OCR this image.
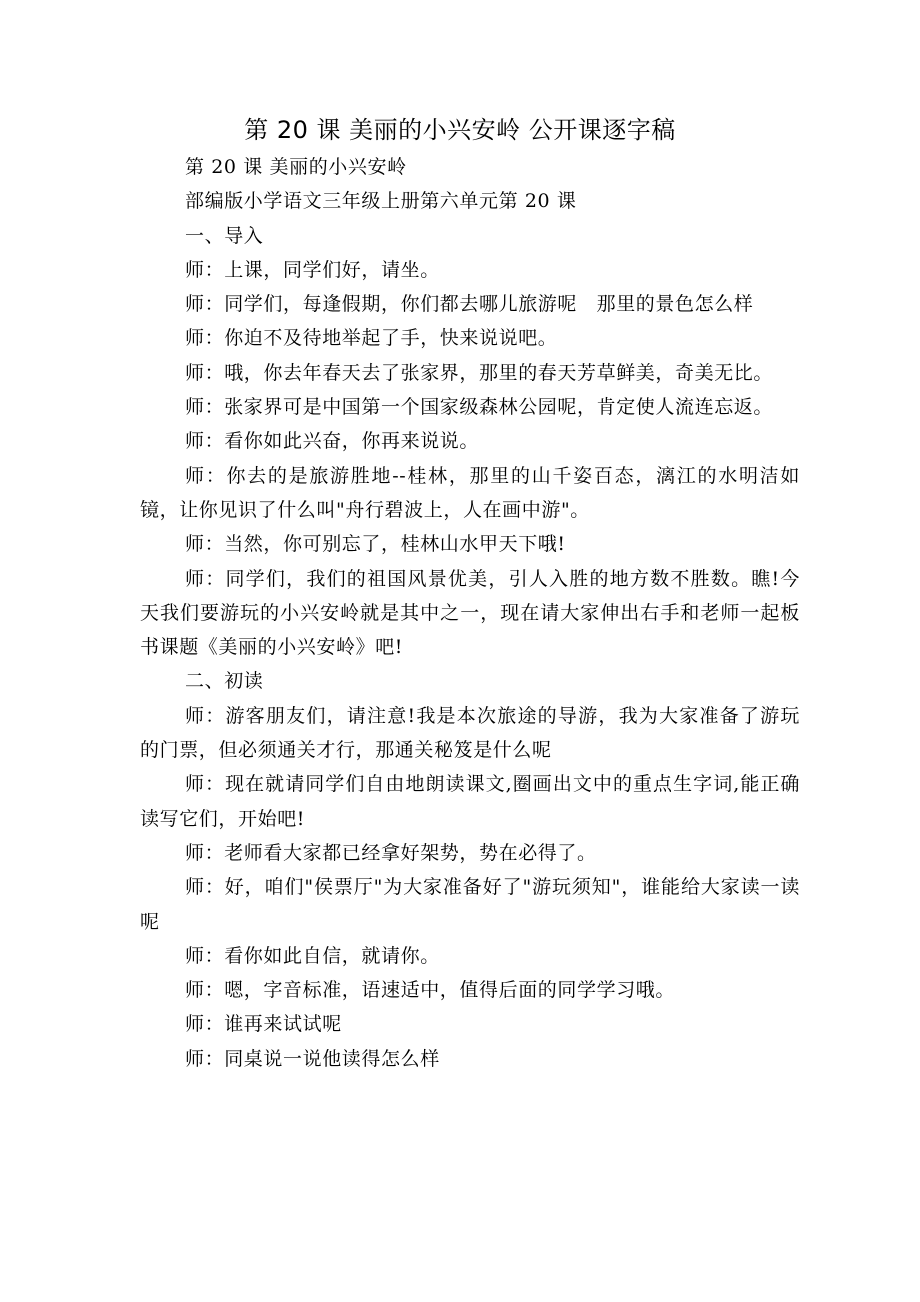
第 20 课 美丽的小兴安岭 公开课逐字稿

第 20 课 美丽的小兴安岭

部编版小学语文三年级上册第六单元第 20 课

一、导入

师：上课，同学们好，请坐。

师：同学们，每逢假期，你们都去哪儿旅游呢　那里的景色怎么样

师：你迫不及待地举起了手，快来说说吧。

师：哦，你去年春天去了张家界，那里的春天芳草鲜美，奇美无比。

师：张家界可是中国第一个国家级森林公园呢，肯定使人流连忘返。

师：看你如此兴奋，你再来说说。

师：你去的是旅游胜地--桂林，那里的山千姿百态，漓江的水明洁如镜，让你见识了什么叫"舟行碧波上，人在画中游"。

师：当然，你可别忘了，桂林山水甲天下哦!

师：同学们，我们的祖国风景优美，引人入胜的地方数不胜数。瞧!今天我们要游玩的小兴安岭就是其中之一，现在请大家伸出右手和老师一起板书课题《美丽的小兴安岭》吧!

二、初读

师：游客朋友们，请注意!我是本次旅途的导游，我为大家准备了游玩的门票，但必须通关才行，那通关秘笈是什么呢

师：现在就请同学们自由地朗读课文,圈画出文中的重点生字词,能正确读写它们，开始吧!

师：老师看大家都已经拿好架势，势在必得了。

师：好，咱们"侯票厅"为大家准备好了"游玩须知"，谁能给大家读一读呢

师：看你如此自信，就请你。

师：嗯，字音标准，语速适中，值得后面的同学学习哦。

师：谁再来试试呢

师：同桌说一说他读得怎么样
